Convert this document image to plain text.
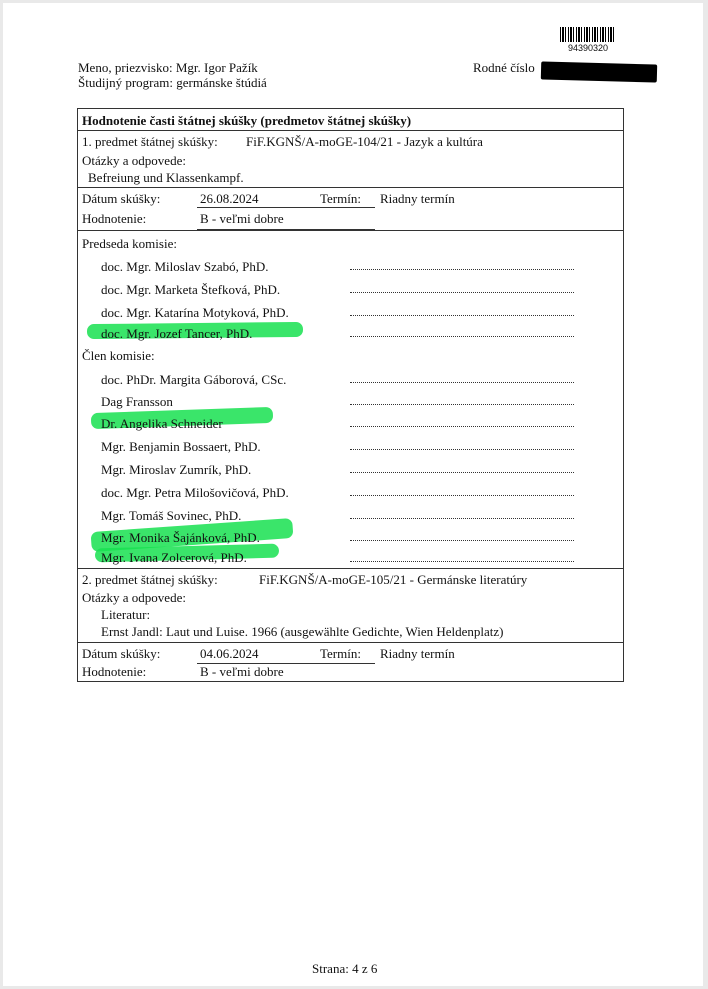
94390320
Meno, priezvisko: Mgr. Igor Pažík
Študijný program: germánske štúdiá
Rodné číslo
Hodnotenie časti štátnej skúšky (predmetov štátnej skúšky)
1. predmet štátnej skúšky: FiF.KGNŠ/A-moGE-104/21 - Jazyk a kultúra
Otázky a odpovede:
Befreiung und Klassenkampf.
Dátum skúšky:	26.08.2024	Termín: Riadny termín
Hodnotenie:	B - veľmi dobre
Predseda komisie:
doc. Mgr. Miloslav Szabó, PhD.
doc. Mgr. Marketa Štefková, PhD.
doc. Mgr. Katarína Motyková, PhD.
doc. Mgr. Jozef Tancer, PhD.
Člen komisie:
doc. PhDr. Margita Gáborová, CSc.
Dag Fransson
Dr. Angelika Schneider
Mgr. Benjamin Bossaert, PhD.
Mgr. Miroslav Zumrík, PhD.
doc. Mgr. Petra Milošovičová, PhD.
Mgr. Tomáš Sovinec, PhD.
Mgr. Monika Šajánková, PhD.
Mgr. Ivana Zolcerová, PhD.
2. predmet štátnej skúšky:	FiF.KGNŠ/A-moGE-105/21 - Germánske literatúry
Otázky a odpovede:
Literatur:
Ernst Jandl: Laut und Luise. 1966 (ausgewählte Gedichte, Wien Heldenplatz)
Dátum skúšky:	04.06.2024	Termín: Riadny termín
Hodnotenie:	B - veľmi dobre
Strana: 4 z 6
